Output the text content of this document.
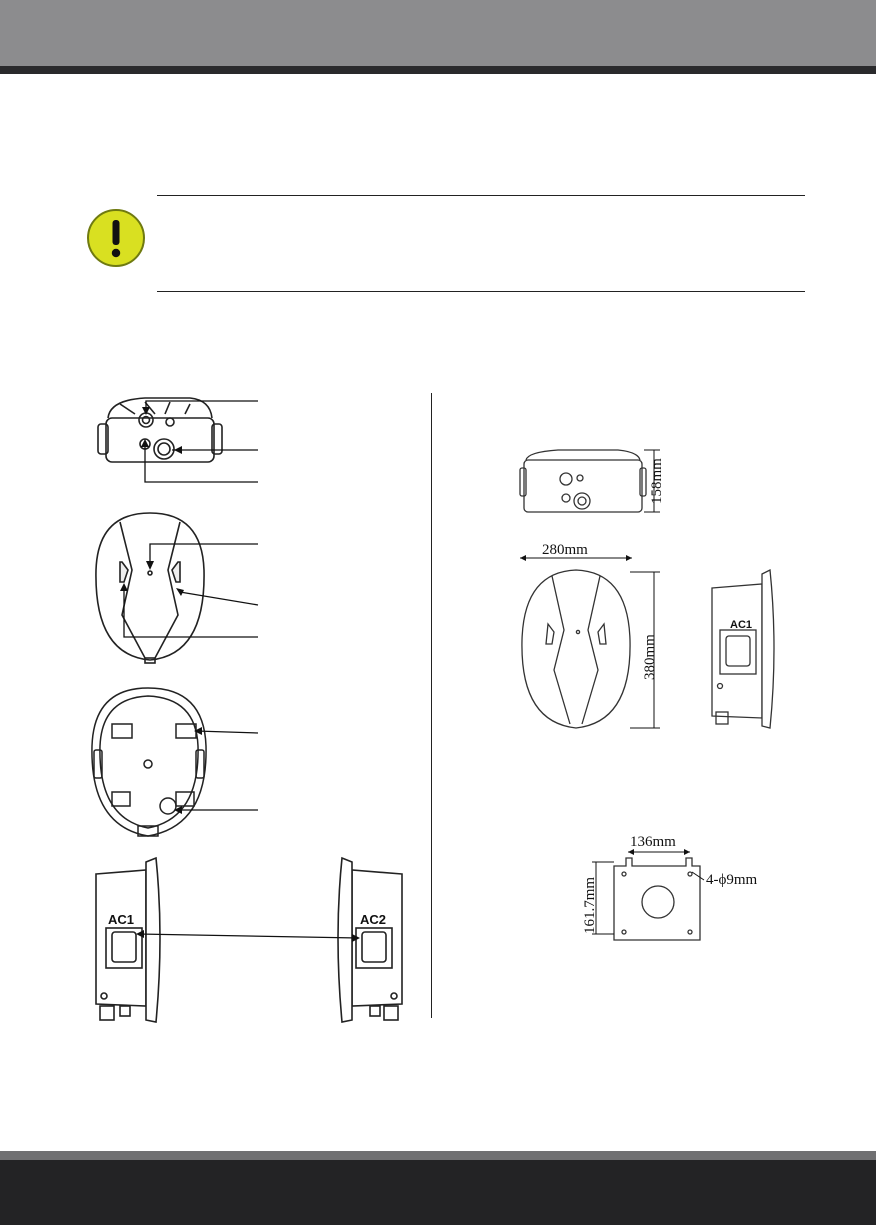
AC1	AC2
158mm
280mm
380mm
AC1
136mm
161.7mm	4-ϕ9mm
